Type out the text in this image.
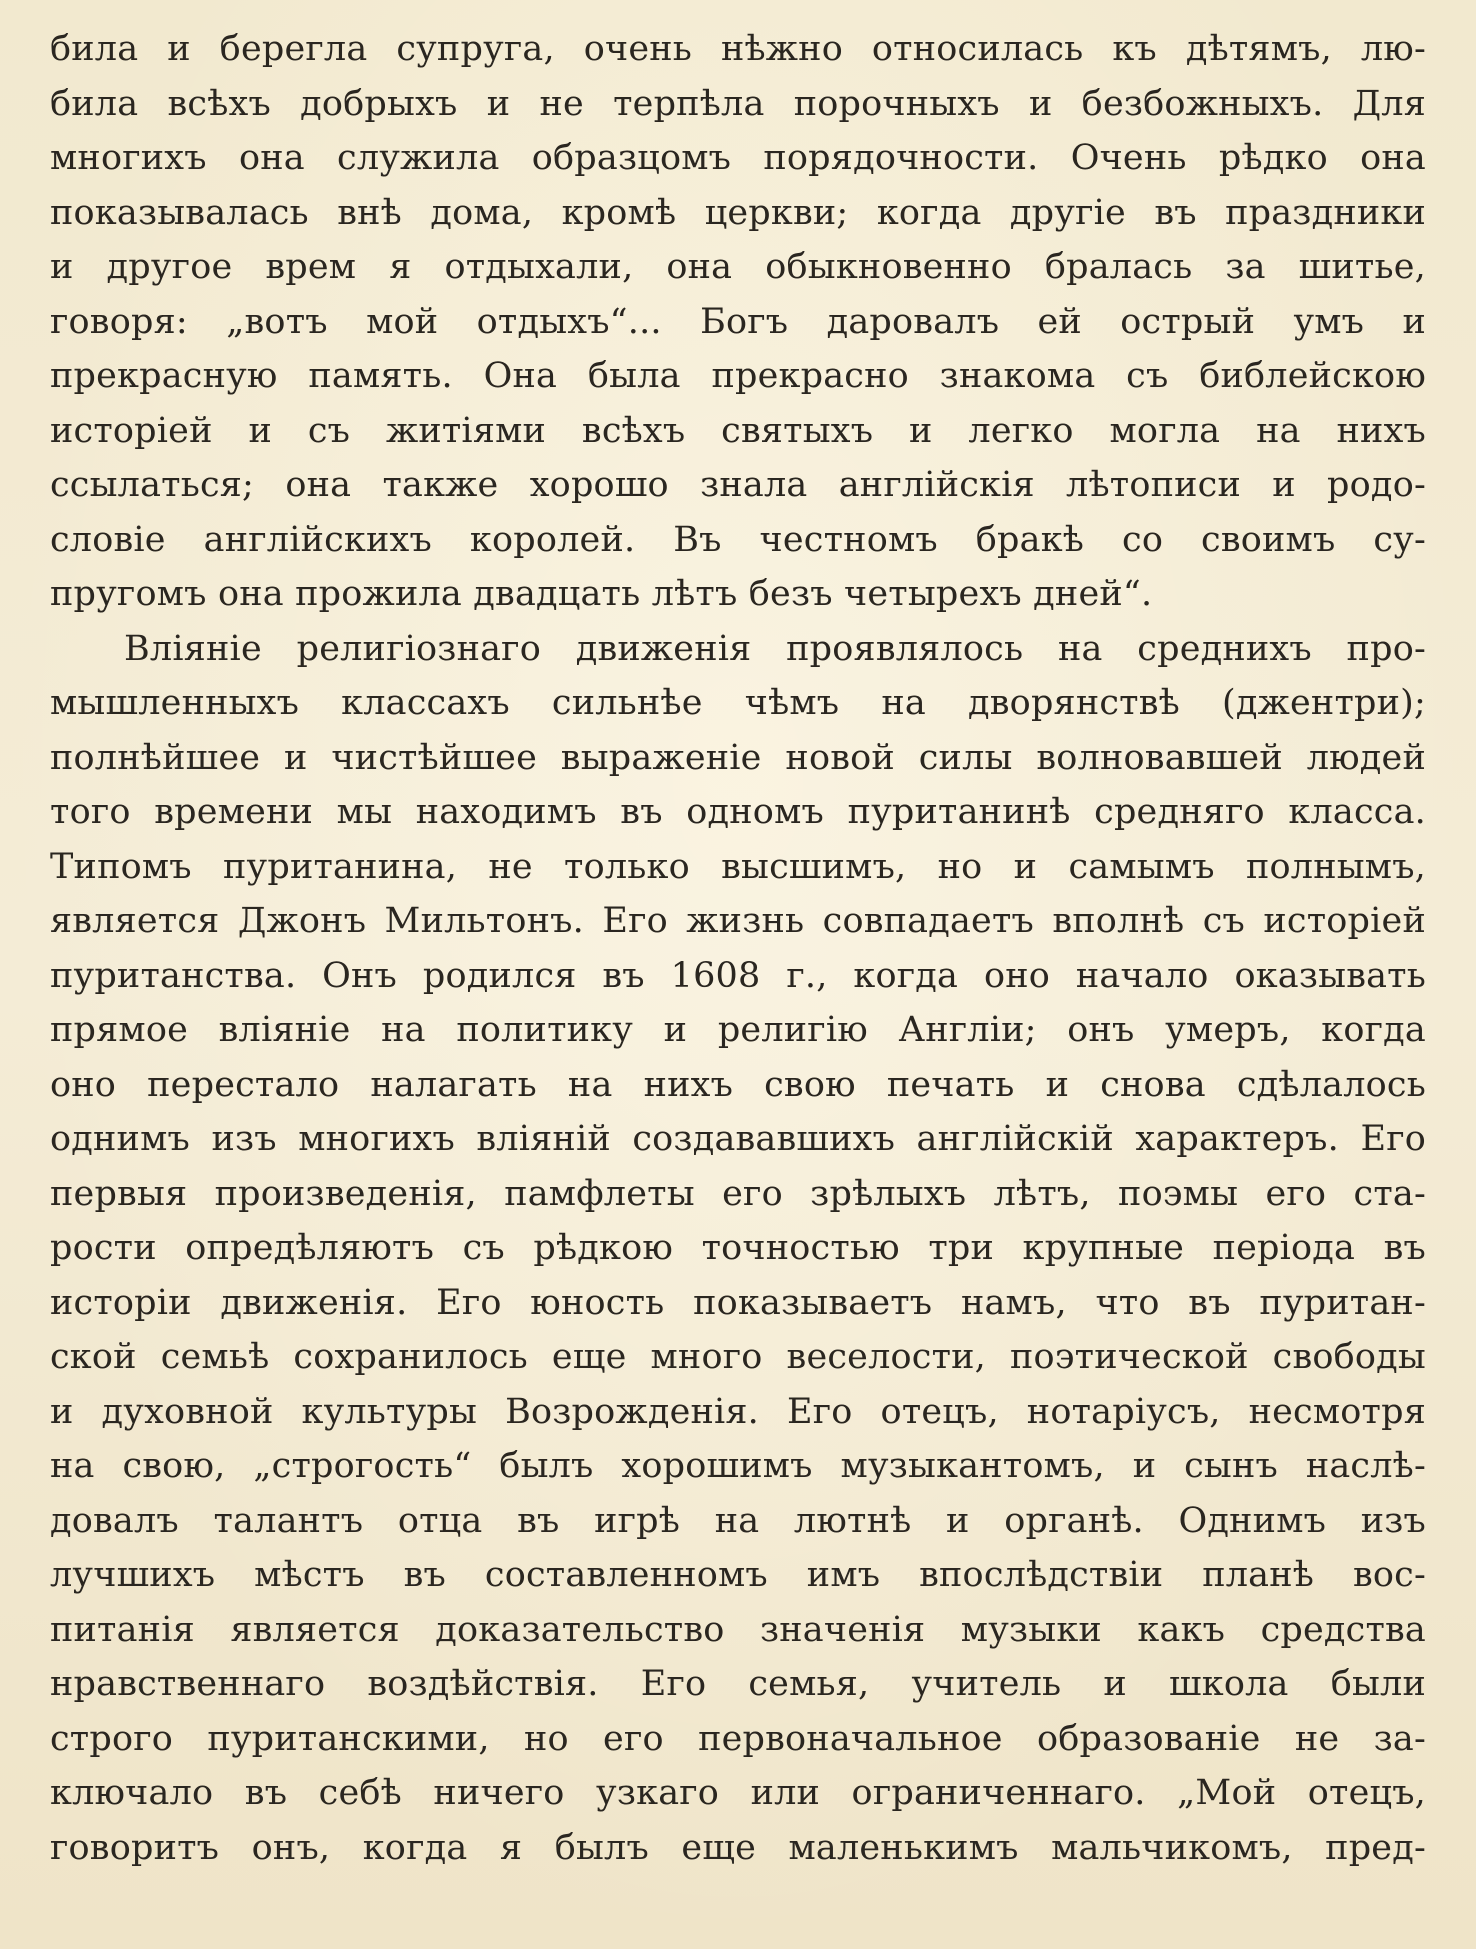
била и берегла супруга, очень нѣжно относилась къ дѣтямъ, лю-
била всѣхъ добрыхъ и не терпѣла порочныхъ и безбожныхъ. Для
многихъ она служила образцомъ порядочности. Очень рѣдко она
показывалась внѣ дома, кромѣ церкви; когда другіе въ праздники
и другое врем я отдыхали, она обыкновенно бралась за шитье,
говоря: „вотъ мой отдыхъ“... Богъ даровалъ ей острый умъ и
прекрасную память. Она была прекрасно знакома съ библейскою
исторіей и съ житіями всѣхъ святыхъ и легко могла на нихъ
ссылаться; она также хорошо знала англійскія лѣтописи и родо-
словіе англійскихъ королей. Въ честномъ бракѣ со своимъ су-
пругомъ она прожила двадцать лѣтъ безъ четырехъ дней“.
Вліяніе религіознаго движенія проявлялось на среднихъ про-
мышленныхъ классахъ сильнѣе чѣмъ на дворянствѣ (джентри);
полнѣйшее и чистѣйшее выраженіе новой силы волновавшей людей
того времени мы находимъ въ одномъ пуританинѣ средняго класса.
Типомъ пуританина, не только высшимъ, но и самымъ полнымъ,
является Джонъ Мильтонъ. Его жизнь совпадаетъ вполнѣ съ исторіей
пуританства. Онъ родился въ 1608 г., когда оно начало оказывать
прямое вліяніе на политику и религію Англіи; онъ умеръ, когда
оно перестало налагать на нихъ свою печать и снова сдѣлалось
однимъ изъ многихъ вліяній создававшихъ англійскій характеръ. Его
первыя произведенія, памфлеты его зрѣлыхъ лѣтъ, поэмы его ста-
рости опредѣляютъ съ рѣдкою точностью три крупные періода въ
исторіи движенія. Его юность показываетъ намъ, что въ пуритан-
ской семьѣ сохранилось еще много веселости, поэтической свободы
и духовной культуры Возрожденія. Его отецъ, нотаріусъ, несмотря
на свою, „строгость“ былъ хорошимъ музыкантомъ, и сынъ наслѣ-
довалъ талантъ отца въ игрѣ на лютнѣ и органѣ. Однимъ изъ
лучшихъ мѣстъ въ составленномъ имъ впослѣдствіи планѣ вос-
питанія является доказательство значенія музыки какъ средства
нравственнаго воздѣйствія. Его семья, учитель и школа были
строго пуританскими, но его первоначальное образованіе не за-
ключало въ себѣ ничего узкаго или ограниченнаго. „Мой отецъ,
говоритъ онъ, когда я былъ еще маленькимъ мальчикомъ, пред-
